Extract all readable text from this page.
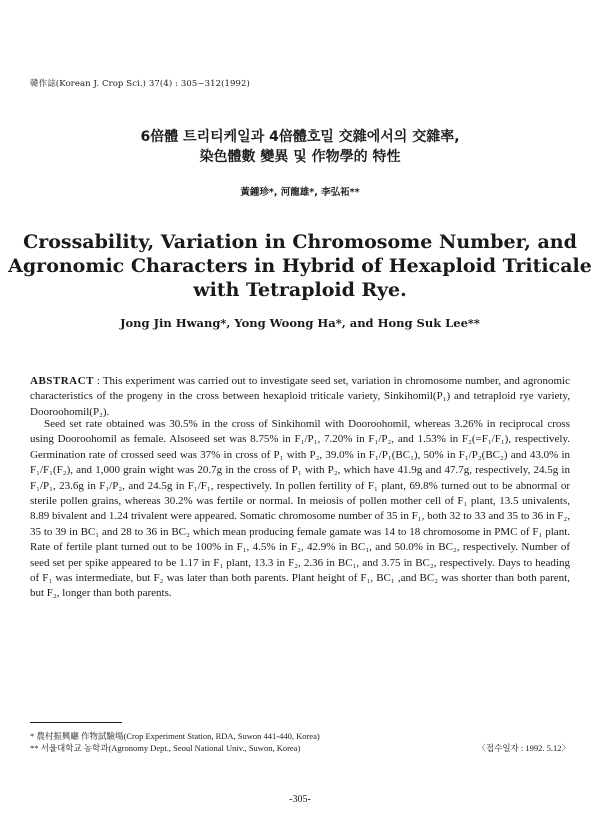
韓作誌(Korean J. Crop Sci.) 37(4) : 305~312(1992)
6倍體 트리티케일과 4倍體호밀 交雜에서의 交雜率,
染色體數 變異 및 作物學的 特性
黃鍾珍*, 河龍雄*, 李弘祏**
Crossability, Variation in Chromosome Number, and
Agronomic Characters in Hybrid of Hexaploid Triticale
with Tetraploid Rye.
Jong Jin Hwang*, Yong Woong Ha*, and Hong Suk Lee**
ABSTRACT : This experiment was carried out to investigate seed set, variation in chromosome number, and agronomic characteristics of the progeny in the cross between hexaploid triticale variety, Sinkihomil(P₁) and tetraploid rye variety, Dooroohomil(P₂).
Seed set rate obtained was 30.5% in the cross of Sinkihomil with Dooroohomil, whereas 3.26% in reciprocal cross using Dooroohomil as female. Alsoseed set was 8.75% in F₁/P₁, 7.20% in F₁/P₂, and 1.53% in F₂(=F₁/F₁), respectively. Germination rate of crossed seed was 37% in cross of P₁ with P₂, 39.0% in F₁/P₁(BC₁), 50% in F₁/P₂(BC₂) and 43.0% in F₁/F₁(F₂), and 1,000 grain wight was 20.7g in the cross of P₁ with P₂, which have 41.9g and 47.7g, respectively, 24.5g in F₁/P₁, 23.6g in F₁/P₂, and 24.5g in F₁/F₁, respectively. In pollen fertility of F₁ plant, 69.8% turned out to be abnormal or sterile pollen grains, whereas 30.2% was fertile or normal. In meiosis of pollen mother cell of F₁ plant, 13.5 univalents, 8.89 bivalent and 1.24 trivalent were appeared. Somatic chromosome number of 35 in F₁, both 32 to 33 and 35 to 36 in F₂, 35 to 39 in BC₁ and 28 to 36 in BC₂ which mean producing female gamate was 14 to 18 chromosome in PMC of F₁ plant. Rate of fertile plant turned out to be 100% in F₁, 4.5% in F₂, 42.9% in BC₁, and 50.0% in BC₂, respectively. Number of seed set per spike appeared to be 1.17 in F₁ plant, 13.3 in F₂, 2.36 in BC₁, and 3.75 in BC₂, respectively. Days to heading of F₁ was intermediate, but F₂ was later than both parents. Plant height of F₁, BC₁ ,and BC₂ was shorter than both parent, but F₂, longer than both parents.
* 農村振興廳 作物試驗場(Crop Experiment Station, RDA, Suwon 441-440, Korea)
** 서울대학교 농학과(Agronomy Dept., Seoul National Univ., Suwon, Korea)	〈접수일자 : 1992. 5.12〉
-305-
